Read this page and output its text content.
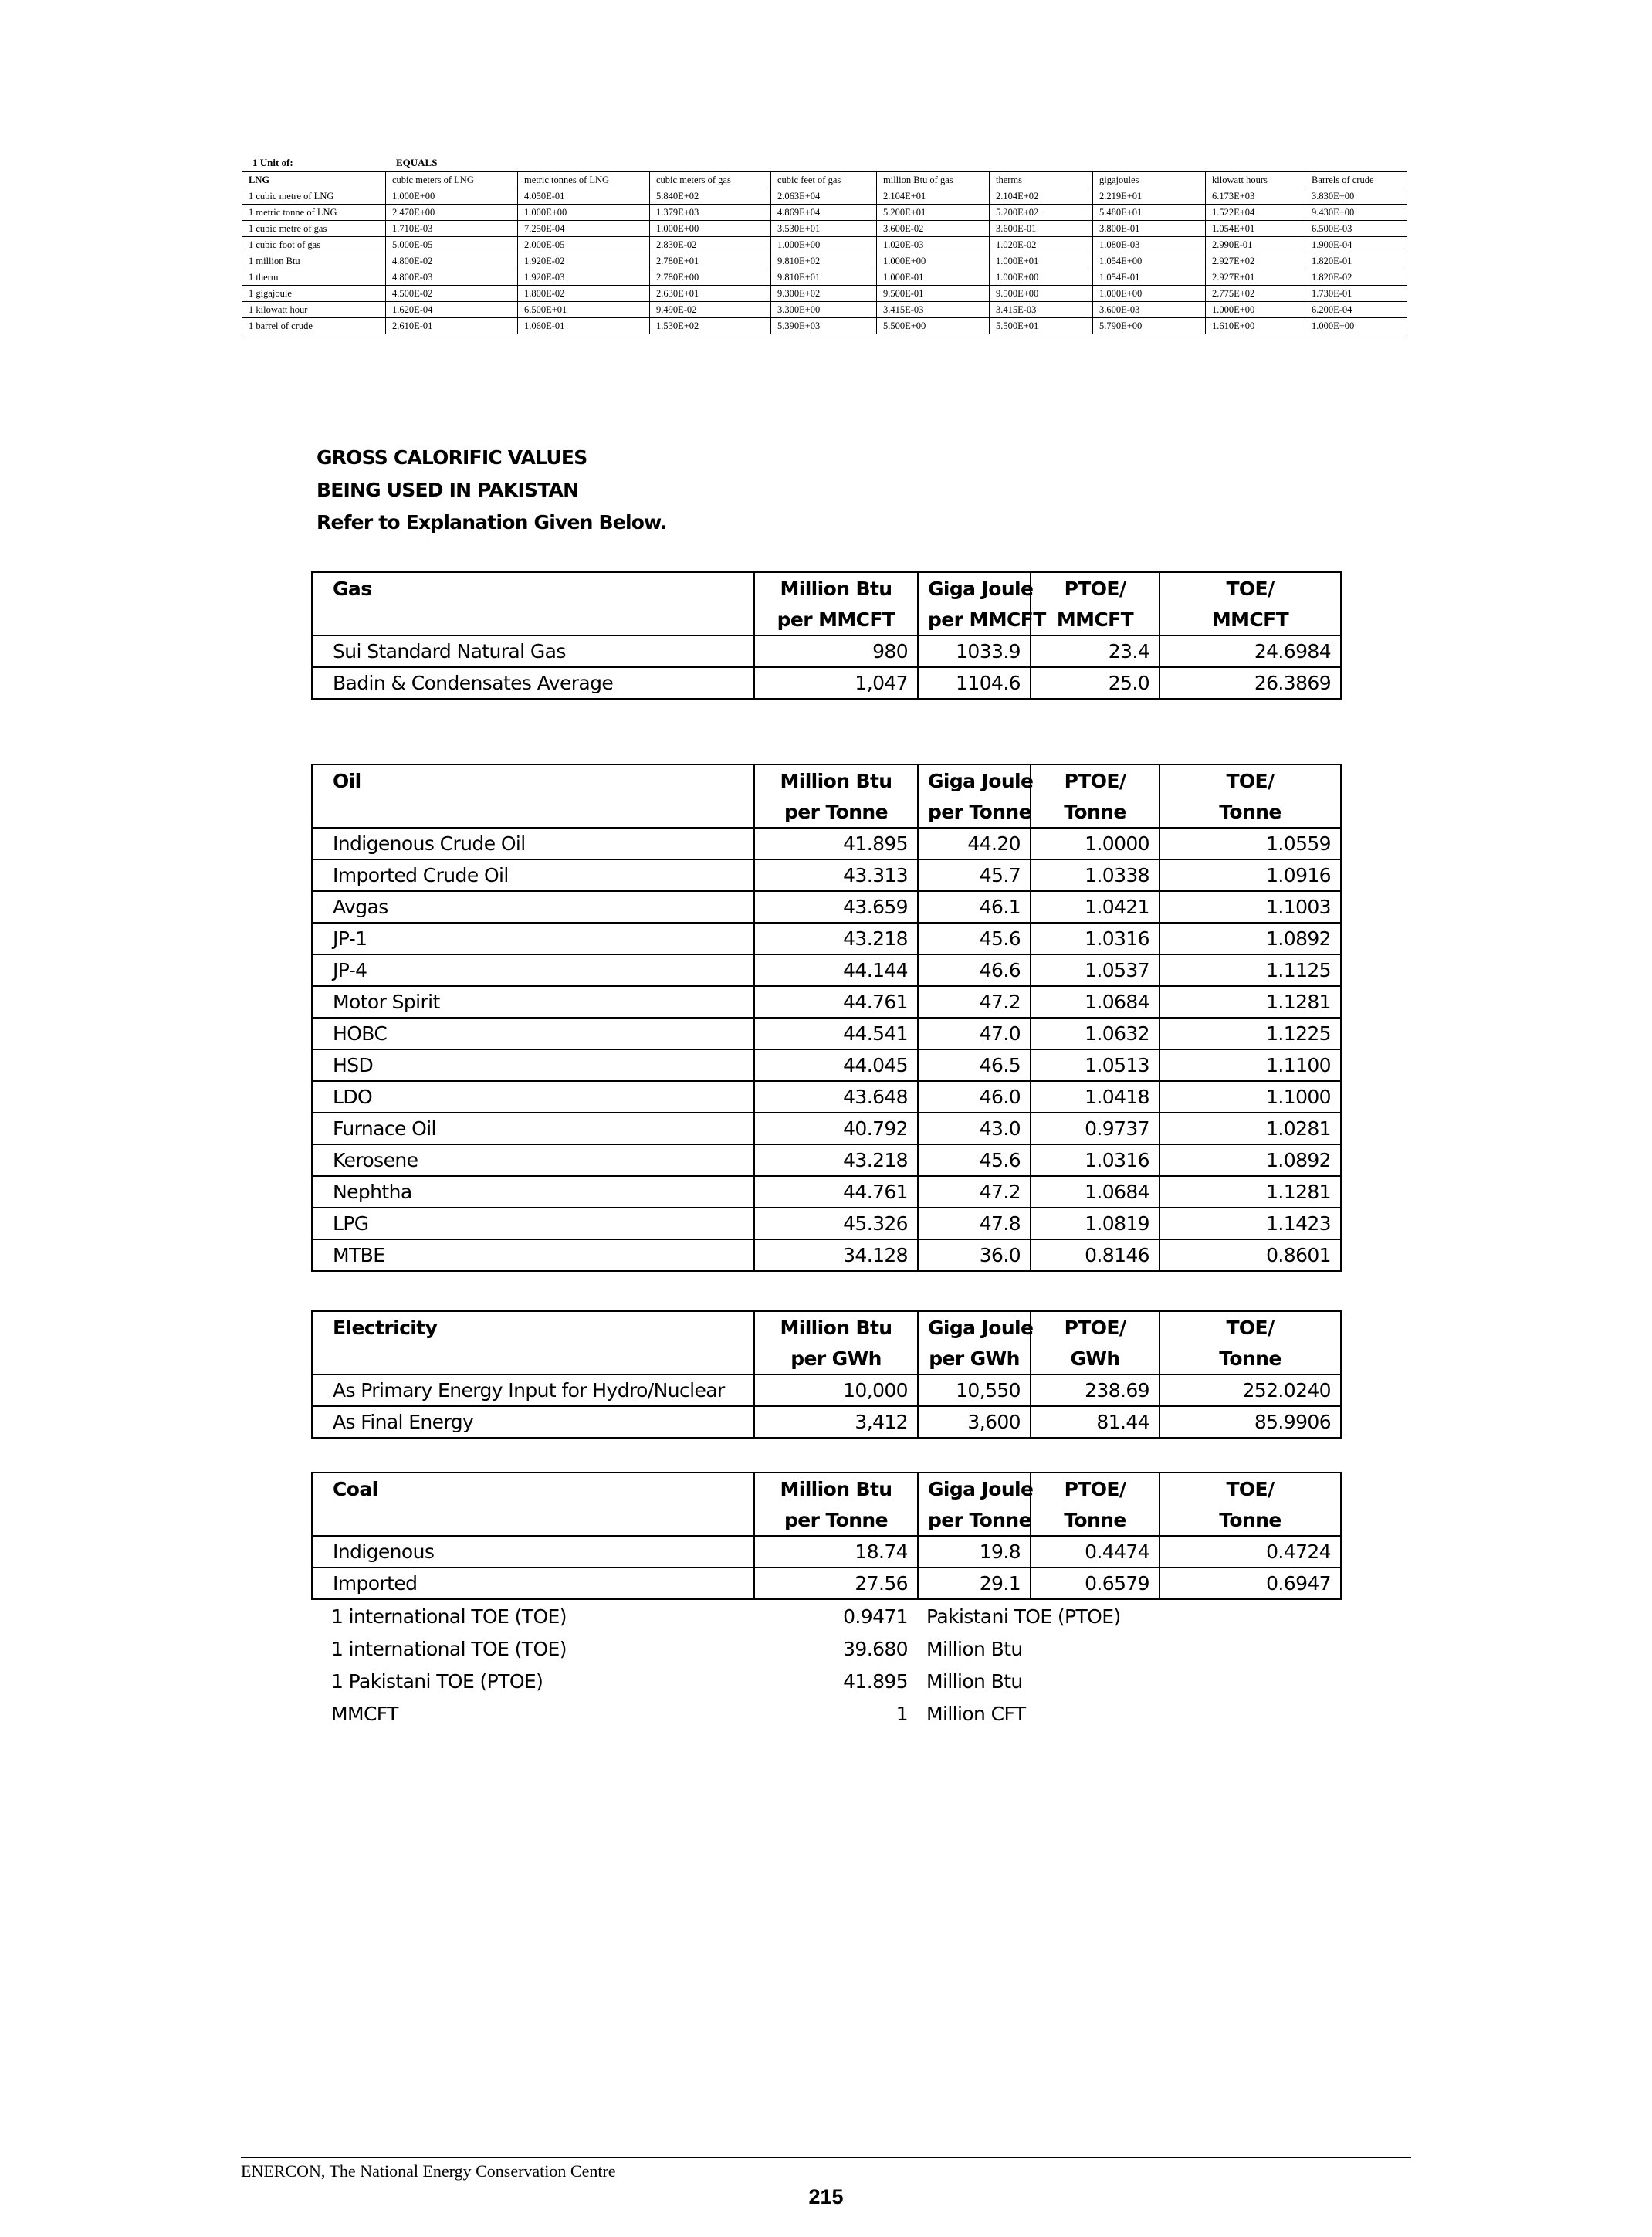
1 Unit of:	EQUALS
LNG	cubic meters of LNG	metric tonnes of LNG	cubic meters of gas	cubic feet of gas	million Btu of gas	therms	gigajoules	kilowatt hours	Barrels of crude
1 cubic metre of LNG	1.000E+00	4.050E-01	5.840E+02	2.063E+04	2.104E+01	2.104E+02	2.219E+01	6.173E+03	3.830E+00
1 metric tonne of LNG	2.470E+00	1.000E+00	1.379E+03	4.869E+04	5.200E+01	5.200E+02	5.480E+01	1.522E+04	9.430E+00
1 cubic metre of gas	1.710E-03	7.250E-04	1.000E+00	3.530E+01	3.600E-02	3.600E-01	3.800E-01	1.054E+01	6.500E-03
1 cubic foot of gas	5.000E-05	2.000E-05	2.830E-02	1.000E+00	1.020E-03	1.020E-02	1.080E-03	2.990E-01	1.900E-04
1 million Btu	4.800E-02	1.920E-02	2.780E+01	9.810E+02	1.000E+00	1.000E+01	1.054E+00	2.927E+02	1.820E-01
1 therm	4.800E-03	1.920E-03	2.780E+00	9.810E+01	1.000E-01	1.000E+00	1.054E-01	2.927E+01	1.820E-02
1 gigajoule	4.500E-02	1.800E-02	2.630E+01	9.300E+02	9.500E-01	9.500E+00	1.000E+00	2.775E+02	1.730E-01
1 kilowatt hour	1.620E-04	6.500E+01	9.490E-02	3.300E+00	3.415E-03	3.415E-03	3.600E-03	1.000E+00	6.200E-04
1 barrel of crude	2.610E-01	1.060E-01	1.530E+02	5.390E+03	5.500E+00	5.500E+01	5.790E+00	1.610E+00	1.000E+00
GROSS CALORIFIC VALUES
BEING USED IN PAKISTAN
Refer to Explanation Given Below.
Gas	Million Btu	Giga Joule	PTOE/	TOE/
	per MMCFT	per MMCFT	MMCFT	MMCFT
Sui Standard Natural Gas	980	1033.9	23.4	24.6984
Badin & Condensates Average	1,047	1104.6	25.0	26.3869
Oil	Million Btu	Giga Joule	PTOE/	TOE/
	per Tonne	per Tonne	Tonne	Tonne
Indigenous Crude Oil	41.895	44.20	1.0000	1.0559
Imported Crude Oil	43.313	45.7	1.0338	1.0916
Avgas	43.659	46.1	1.0421	1.1003
JP-1	43.218	45.6	1.0316	1.0892
JP-4	44.144	46.6	1.0537	1.1125
Motor Spirit	44.761	47.2	1.0684	1.1281
HOBC	44.541	47.0	1.0632	1.1225
HSD	44.045	46.5	1.0513	1.1100
LDO	43.648	46.0	1.0418	1.1000
Furnace Oil	40.792	43.0	0.9737	1.0281
Kerosene	43.218	45.6	1.0316	1.0892
Nephtha	44.761	47.2	1.0684	1.1281
LPG	45.326	47.8	1.0819	1.1423
MTBE	34.128	36.0	0.8146	0.8601
Electricity	Million Btu	Giga Joule	PTOE/	TOE/
	per GWh	per GWh	GWh	Tonne
As Primary Energy Input for Hydro/Nuclear	10,000	10,550	238.69	252.0240
As Final Energy	3,412	3,600	81.44	85.9906
Coal	Million Btu	Giga Joule	PTOE/	TOE/
	per Tonne	per Tonne	Tonne	Tonne
Indigenous	18.74	19.8	0.4474	0.4724
Imported	27.56	29.1	0.6579	0.6947
1 international TOE (TOE)	0.9471	Pakistani TOE (PTOE)
1 international TOE (TOE)	39.680	Million Btu
1 Pakistani TOE (PTOE)	41.895	Million Btu
MMCFT	1	Million CFT
ENERCON, The National Energy Conservation Centre
215
